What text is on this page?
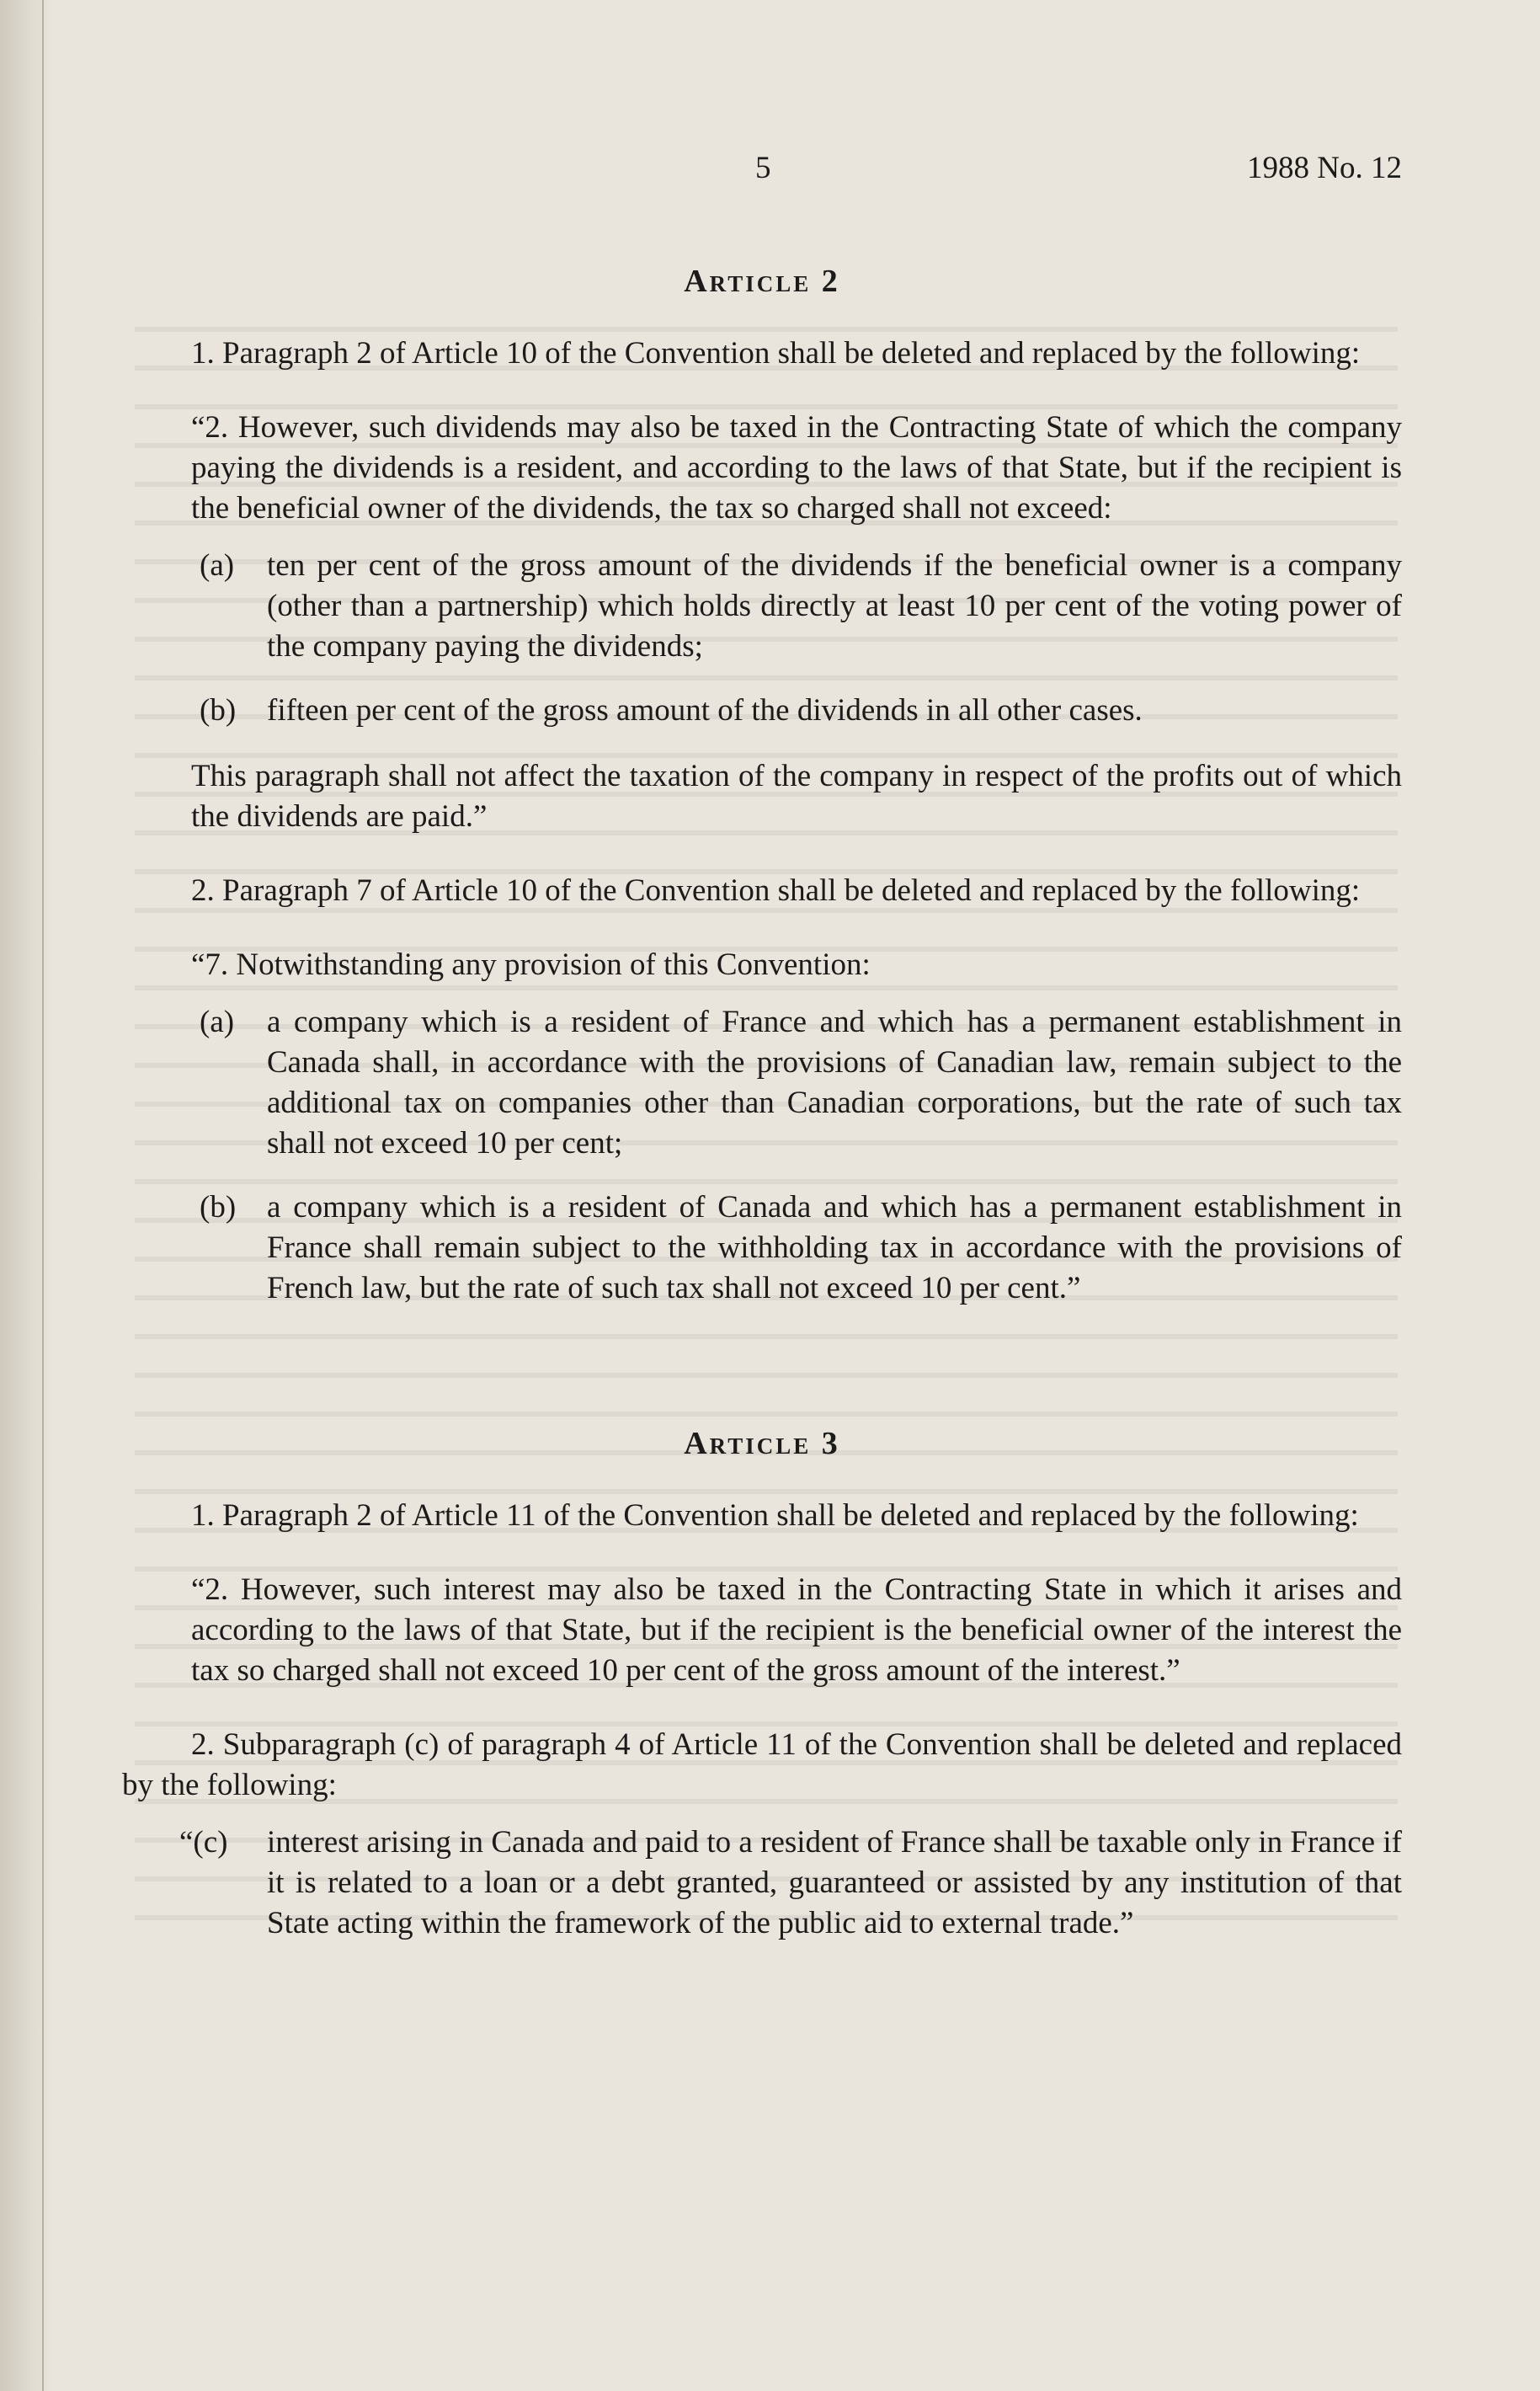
5	1988 No. 12
Article 2

1. Paragraph 2 of Article 10 of the Convention shall be deleted and replaced by the following:

“2. However, such dividends may also be taxed in the Contracting State of which the company paying the dividends is a resident, and according to the laws of that State, but if the recipient is the beneficial owner of the dividends, the tax so charged shall not exceed:

(a)	ten per cent of the gross amount of the dividends if the beneficial owner is a company (other than a partnership) which holds directly at least 10 per cent of the voting power of the company paying the dividends;
(b) fifteen per cent of the gross amount of the dividends in all other cases.

This paragraph shall not affect the taxation of the company in respect of the profits out of which the dividends are paid.”

2. Paragraph 7 of Article 10 of the Convention shall be deleted and replaced by the following:

“7. Notwithstanding any provision of this Convention:

(a)	a company which is a resident of France and which has a permanent establishment in Canada shall, in accordance with the provisions of Canadian law, remain subject to the additional tax on companies other than Canadian corporations, but the rate of such tax shall not exceed 10 per cent;
(b) a company which is a resident of Canada and which has a permanent establishment in France shall remain subject to the withholding tax in accordance with the provisions of French law, but the rate of such tax shall not exceed 10 per cent.”
Article 3

1. Paragraph 2 of Article 11 of the Convention shall be deleted and replaced by the following:

“2. However, such interest may also be taxed in the Contracting State in which it arises and according to the laws of that State, but if the recipient is the beneficial owner of the interest the tax so charged shall not exceed 10 per cent of the gross amount of the interest.”

2. Subparagraph (c) of paragraph 4 of Article 11 of the Convention shall be deleted and replaced by the following:

“(c)	interest arising in Canada and paid to a resident of France shall be taxable only in France if it is related to a loan or a debt granted, guaranteed or assisted by any institution of that State acting within the framework of the public aid to external trade.”
